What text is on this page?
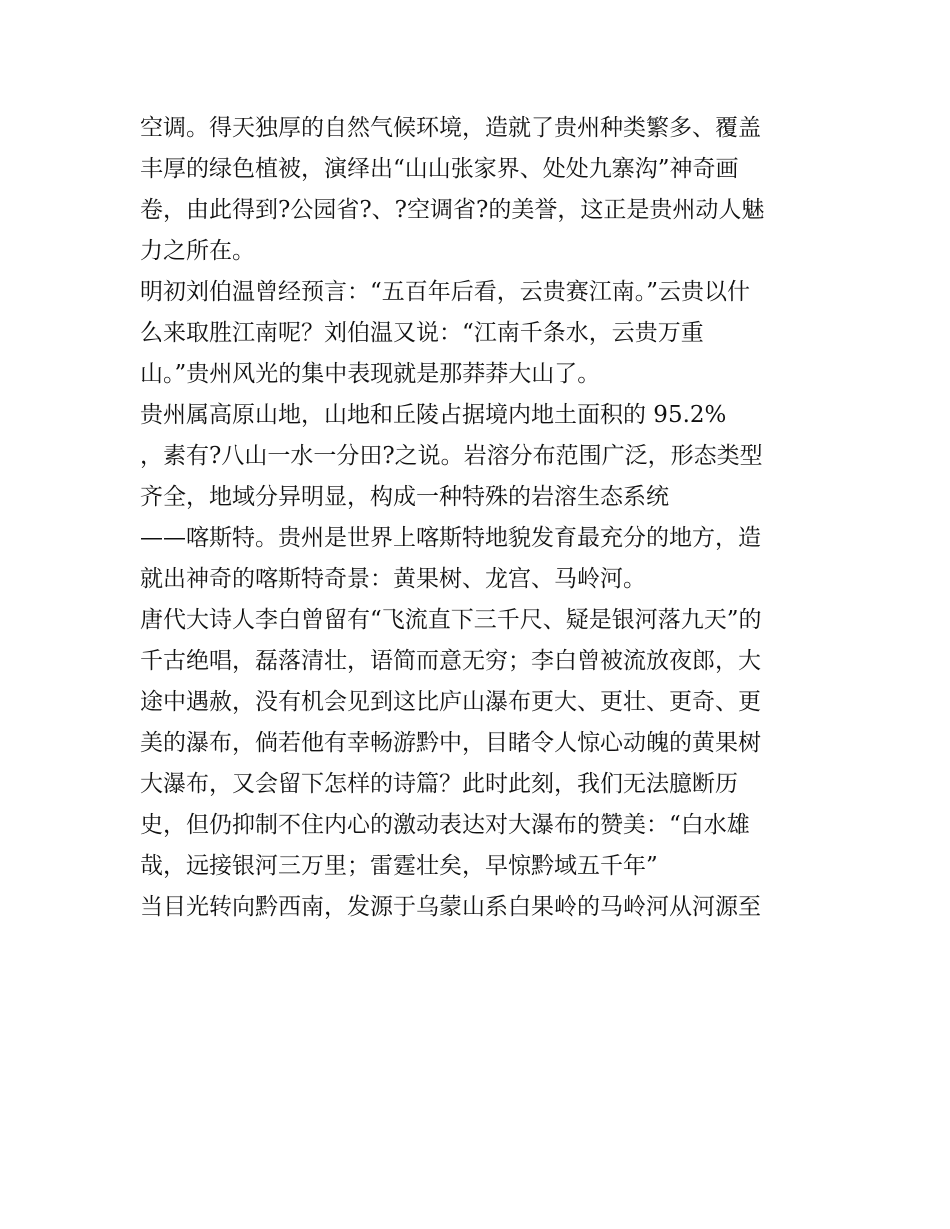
空调。得天独厚的自然气候环境，造就了贵州种类繁多、覆盖
丰厚的绿色植被，演绎出“山山张家界、处处九寨沟”神奇画
卷，由此得到?公园省?、?空调省?的美誉，这正是贵州动人魅
力之所在。
明初刘伯温曾经预言：“五百年后看，云贵赛江南。”云贵以什
么来取胜江南呢？刘伯温又说：“江南千条水，云贵万重
山。”贵州风光的集中表现就是那莽莽大山了。
贵州属高原山地，山地和丘陵占据境内地土面积的 95.2%
，素有?八山一水一分田?之说。岩溶分布范围广泛，形态类型
齐全，地域分异明显，构成一种特殊的岩溶生态系统
——喀斯特。贵州是世界上喀斯特地貌发育最充分的地方，造
就出神奇的喀斯特奇景：黄果树、龙宫、马岭河。
唐代大诗人李白曾留有“飞流直下三千尺、疑是银河落九天”的
千古绝唱，磊落清壮，语简而意无穷；李白曾被流放夜郎，大
途中遇赦，没有机会见到这比庐山瀑布更大、更壮、更奇、更
美的瀑布，倘若他有幸畅游黔中，目睹令人惊心动魄的黄果树
大瀑布，又会留下怎样的诗篇？此时此刻，我们无法臆断历
史，但仍抑制不住内心的激动表达对大瀑布的赞美：“白水雄
哉，远接银河三万里；雷霆壮矣，早惊黔域五千年”
当目光转向黔西南，发源于乌蒙山系白果岭的马岭河从河源至
